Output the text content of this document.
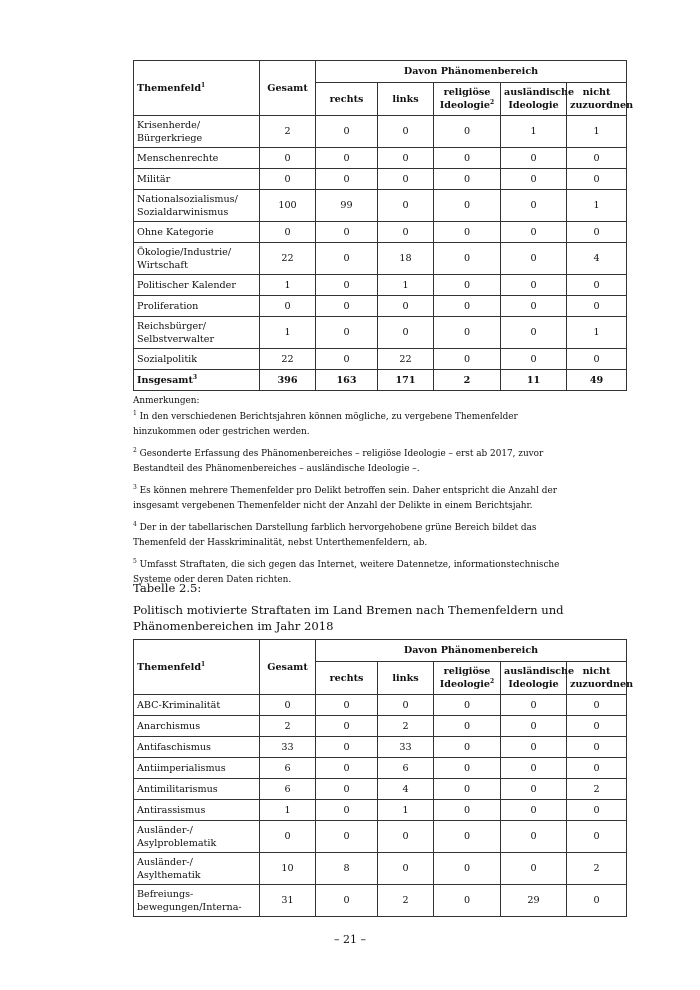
Themenfeld$^1$	Gesamt	Davon Phänomenbereich				
		rechts	links	religiöse Ideologie$^2$	ausländische Ideologie	nicht zuzuordnen
Krisenherde/ Bürgerkriege	2	0	0	0	1	1
Menschenrechte	0	0	0	0	0	0
Militär	0	0	0	0	0	0
Nationalsozialismus/ Sozialdarwinismus	100	99	0	0	0	1
Ohne Kategorie	0	0	0	0	0	0
Ökologie/Industrie/ Wirtschaft	22	0	18	0	0	4
Politischer Kalender	1	0	1	0	0	0
Proliferation	0	0	0	0	0	0
Reichsbürger/ Selbstverwalter	1	0	0	0	0	1
Sozialpolitik	22	0	22	0	0	0
Insgesamt$^3$	396	163	171	2	11	49

Anmerkungen:

$^1$ In den verschiedenen Berichtsjahren können mögliche, zu vergebene Themenfelder hinzukommen oder gestrichen werden.

$^2$ Gesonderte Erfassung des Phänomenbereiches – religiöse Ideologie – erst ab 2017, zuvor Bestandteil des Phänomenbereiches – ausländische Ideologie –.

$^3$ Es können mehrere Themenfelder pro Delikt betroffen sein. Daher entspricht die Anzahl der insgesamt vergebenen Themenfelder nicht der Anzahl der Delikte in einem Berichtsjahr.

$^4$ Der in der tabellarischen Darstellung farblich hervorgehobene grüne Bereich bildet das Themenfeld der Hasskriminalität, nebst Unterthemenfeldern, ab.

$^5$ Umfasst Straftaten, die sich gegen das Internet, weitere Datennetze, informationstechnische Systeme oder deren Daten richten.

Tabelle 2.5:
Politisch motivierte Straftaten im Land Bremen nach Themenfeldern und Phänomenbereichen im Jahr 2018
Themenfeld$^1$	Gesamt	Davon Phänomenbereich				
		rechts	links	religiöse Ideologie$^2$	ausländische Ideologie	nicht zuzuordnen
ABC-Kriminalität	0	0	0	0	0	0
Anarchismus	2	0	2	0	0	0
Antifaschismus	33	0	33	0	0	0
Antiimperialismus	6	0	6	0	0	0
Antimilitarismus	6	0	4	0	0	2
Antirassismus	1	0	1	0	0	0
Ausländer-/ Asylproblematik	0	0	0	0	0	0
Ausländer-/ Asylthematik	10	8	0	0	0	2
Befreiungs- bewegungen/Interna-	31	0	2	0	29	0
– 21 –
